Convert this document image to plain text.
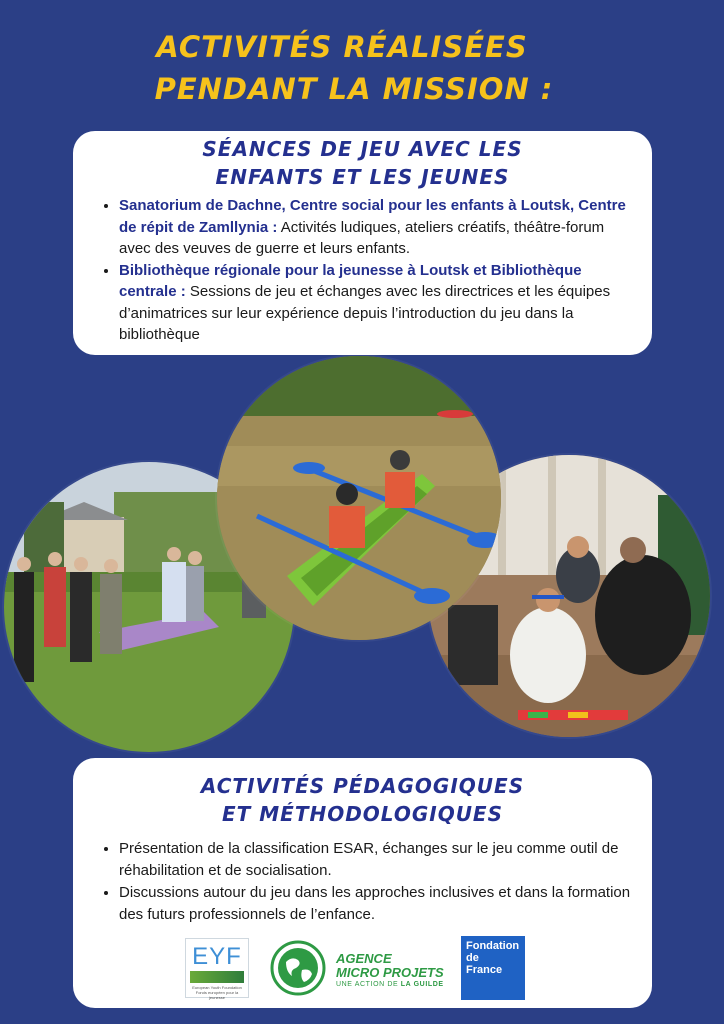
ACTIVITÉS RÉALISÉES
PENDANT LA MISSION :
SÉANCES DE JEU AVEC LES
ENFANTS ET LES JEUNES
• Sanatorium de Dachne, Centre social pour les enfants à Loutsk, Centre de répit de Zamllynia : Activités ludiques, ateliers créatifs, théâtre-forum avec des veuves de guerre et leurs enfants.
• Bibliothèque régionale pour la jeunesse à Loutsk et Bibliothèque centrale : Sessions de jeu et échanges avec les directrices et les équipes d’animatrices sur leur expérience depuis l’introduction du jeu dans la bibliothèque
ACTIVITÉS PÉDAGOGIQUES
ET MÉTHODOLOGIQUES
• Présentation de la classification ESAR, échanges sur le jeu comme outil de réhabilitation et de socialisation.
• Discussions autour du jeu dans les approches inclusives et dans la formation des futurs professionnels de l’enfance.
EYF
European Youth Foundation Fonds européen pour la jeunesse
AGENCE
MICRO PROJETS
UNE ACTION DE LA GUILDE
Fondation
de
France
